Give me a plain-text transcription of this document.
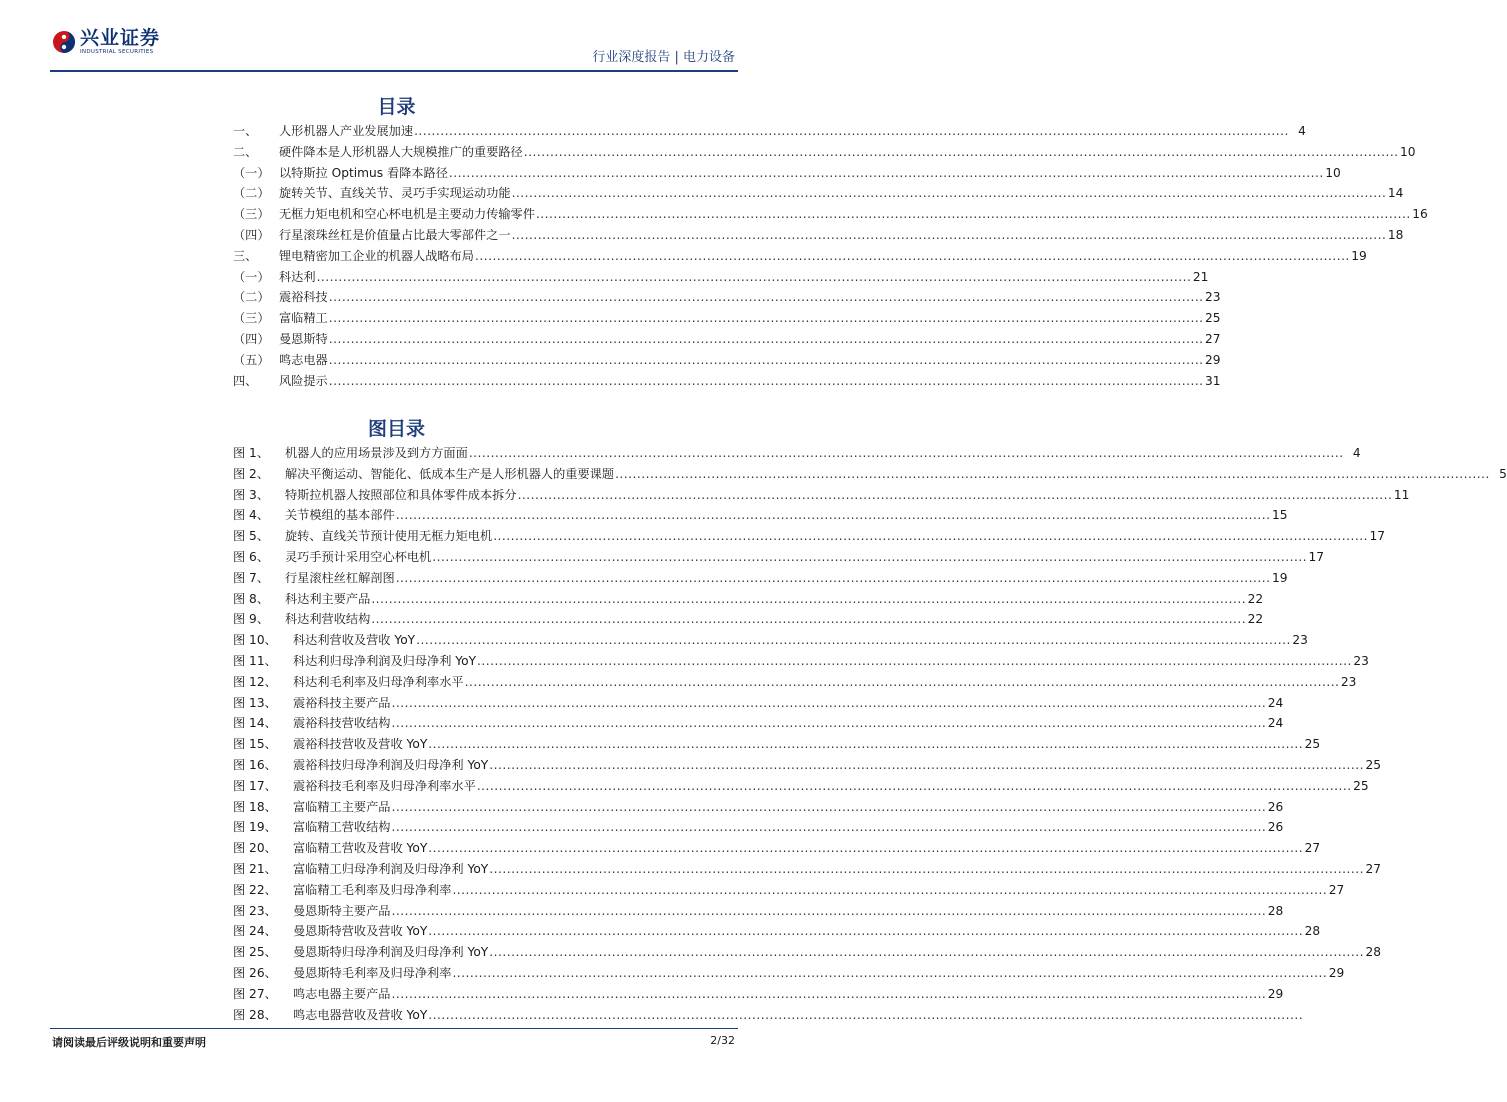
兴业证券
INDUSTRIAL SECURITIES	行业深度报告 | 电力设备
目录
一、	人形机器人产业发展加速 ........................................................................................................................................................................................................ 4
二、	硬件降本是人形机器人大规模推广的重要路径 ........................................................................................................................................................................................................ 10
（一） 以特斯拉 Optimus 看降本路径 ........................................................................................................................................................................................................ 10
（二） 旋转关节、直线关节、灵巧手实现运动功能 ........................................................................................................................................................................................................ 14
（三） 无框力矩电机和空心杯电机是主要动力传输零件 ........................................................................................................................................................................................................ 16
（四） 行星滚珠丝杠是价值量占比最大零部件之一 ........................................................................................................................................................................................................ 18
三、	锂电精密加工企业的机器人战略布局 ........................................................................................................................................................................................................ 19
（一） 科达利 ........................................................................................................................................................................................................ 21
（二） 震裕科技 ........................................................................................................................................................................................................ 23
（三） 富临精工 ........................................................................................................................................................................................................ 25
（四） 曼恩斯特 ........................................................................................................................................................................................................ 27
（五） 鸣志电器 ........................................................................................................................................................................................................ 29
四、	风险提示 ........................................................................................................................................................................................................ 31
图目录
图 1、	机器人的应用场景涉及到方方面面 ........................................................................................................................................................................................................ 4
图 2、	解决平衡运动、智能化、低成本生产是人形机器人的重要课题 ........................................................................................................................................................................................................ 5
图 3、	特斯拉机器人按照部位和具体零件成本拆分 ........................................................................................................................................................................................................ 11
图 4、	关节模组的基本部件 ........................................................................................................................................................................................................ 15
图 5、	旋转、直线关节预计使用无框力矩电机 ........................................................................................................................................................................................................ 17
图 6、	灵巧手预计采用空心杯电机 ........................................................................................................................................................................................................ 17
图 7、	行星滚柱丝杠解剖图 ........................................................................................................................................................................................................ 19
图 8、	科达利主要产品 ........................................................................................................................................................................................................ 22
图 9、	科达利营收结构 ........................................................................................................................................................................................................ 22
图 10、	科达利营收及营收 YoY ........................................................................................................................................................................................................ 23
图 11、	科达利归母净利润及归母净利 YoY ........................................................................................................................................................................................................ 23
图 12、	科达利毛利率及归母净利率水平 ........................................................................................................................................................................................................ 23
图 13、	震裕科技主要产品 ........................................................................................................................................................................................................ 24
图 14、	震裕科技营收结构 ........................................................................................................................................................................................................ 24
图 15、	震裕科技营收及营收 YoY ........................................................................................................................................................................................................ 25
图 16、	震裕科技归母净利润及归母净利 YoY ........................................................................................................................................................................................................ 25
图 17、	震裕科技毛利率及归母净利率水平 ........................................................................................................................................................................................................ 25
图 18、	富临精工主要产品 ........................................................................................................................................................................................................ 26
图 19、	富临精工营收结构 ........................................................................................................................................................................................................ 26
图 20、	富临精工营收及营收 YoY ........................................................................................................................................................................................................ 27
图 21、	富临精工归母净利润及归母净利 YoY ........................................................................................................................................................................................................ 27
图 22、	富临精工毛利率及归母净利率 ........................................................................................................................................................................................................ 27
图 23、	曼恩斯特主要产品 ........................................................................................................................................................................................................ 28
图 24、	曼恩斯特营收及营收 YoY ........................................................................................................................................................................................................ 28
图 25、	曼恩斯特归母净利润及归母净利 YoY ........................................................................................................................................................................................................ 28
图 26、	曼恩斯特毛利率及归母净利率 ........................................................................................................................................................................................................ 29
图 27、	鸣志电器主要产品 ........................................................................................................................................................................................................ 29
图 28、	鸣志电器营收及营收 YoY ........................................................................................................................................................................................................
请阅读最后评级说明和重要声明	2/32
